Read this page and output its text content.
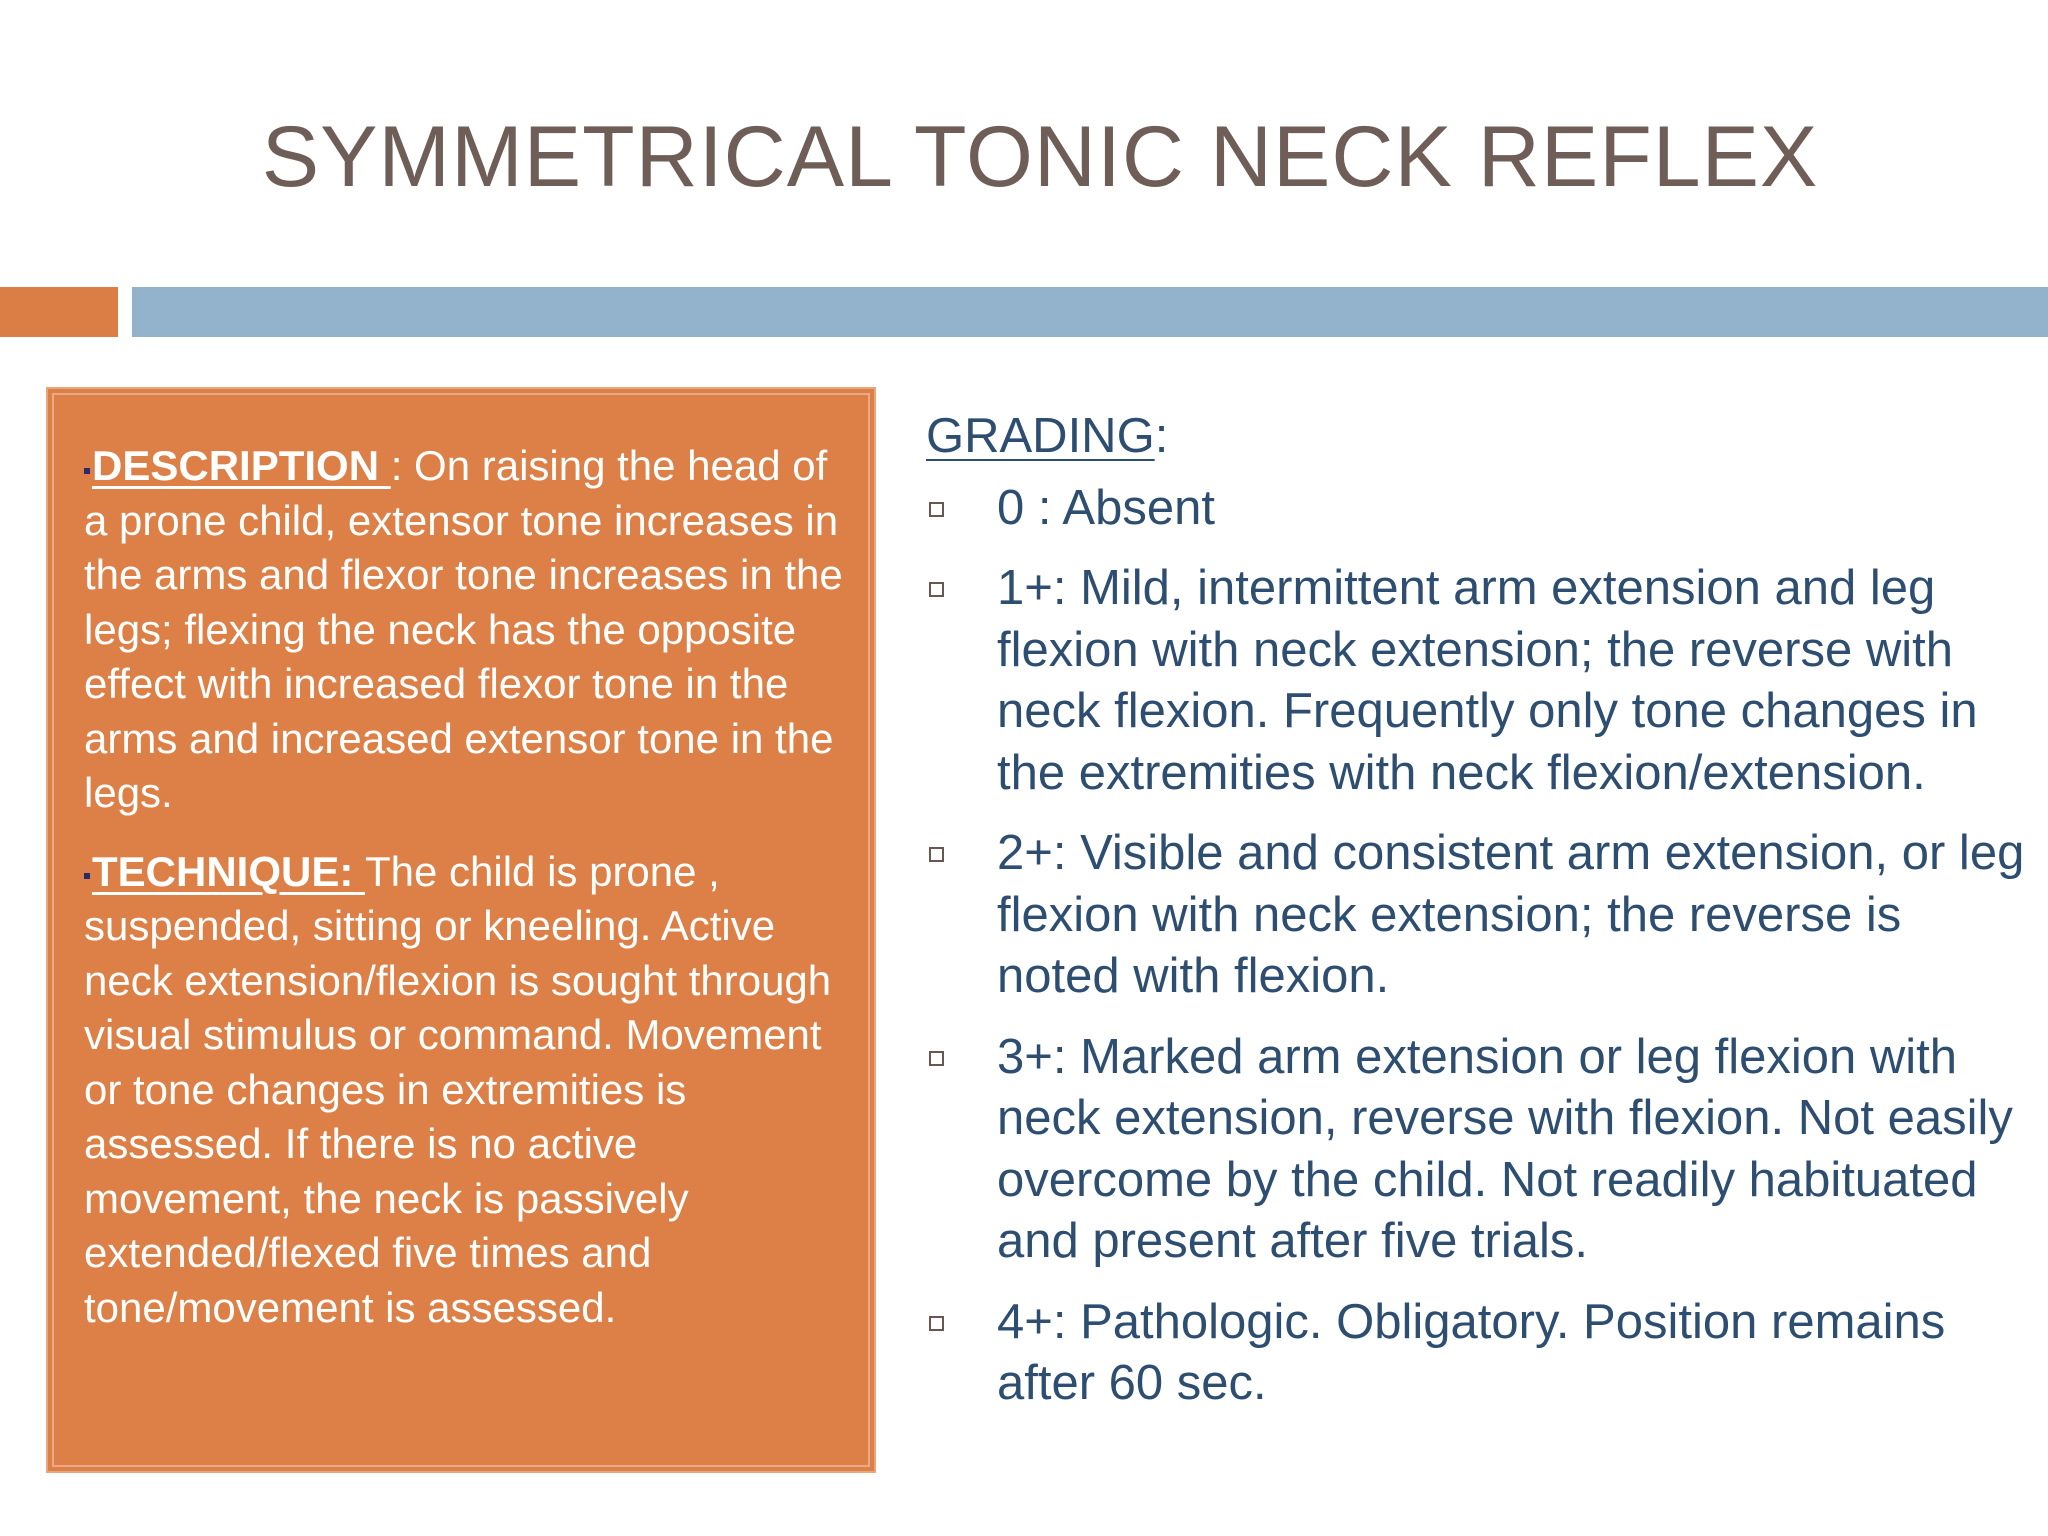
SYMMETRICAL TONIC NECK REFLEX

DESCRIPTION : On raising the head of a prone child, extensor tone increases in the arms and flexor tone increases in the legs; flexing the neck has the opposite effect with increased flexor tone in the arms and increased extensor tone in the legs.

TECHNIQUE: The child is prone , suspended, sitting or kneeling. Active neck extension/flexion is sought through visual stimulus or command. Movement or tone changes in extremities is assessed. If there is no active movement, the neck is passively extended/flexed five times and tone/movement is assessed.

GRADING:

0 : Absent
1+: Mild, intermittent arm extension and leg flexion with neck extension; the reverse with neck flexion. Frequently only tone changes in the extremities with neck flexion/extension.
2+: Visible and consistent arm extension, or leg flexion with neck extension; the reverse is noted with flexion.
3+: Marked arm extension or leg flexion with neck extension, reverse with flexion. Not easily overcome by the child. Not readily habituated and present after five trials.
4+: Pathologic. Obligatory. Position remains after 60 sec.
